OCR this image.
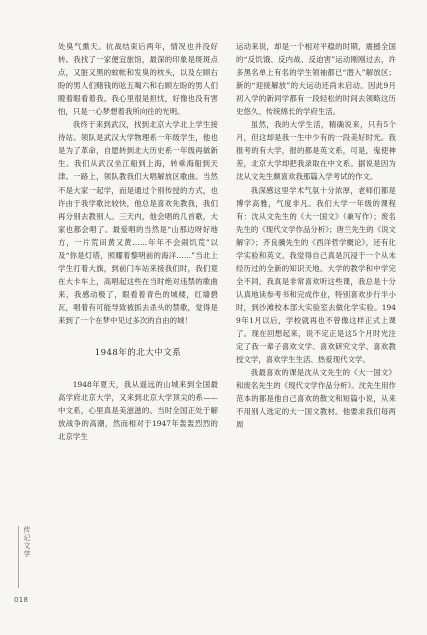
处臭气熏天。抗战结束后两年，情况也并没好转。我找了一家便宜旅馆，最深的印象是斑斑点点，又脏又黑的蚊帐和发臭的枕头，以及左顾右盼的男人们赌钱的吆五喝六和右顾左盼的男人们瞪着眼看着我。我心里很是担忧，好像也没有害怕，只是一心梦想着我所向往的光明。

我终于来到武汉，找到北京大学北上学生接待站。领队是武汉大学物理系一年级学生，他也是为了革命，自愿转到北大历史系一年级再做新生。我们从武汉坐江船到上海，转乘海船到天津。一路上，领队教我们大唱解放区歌曲。当然不是大家一起学，而是通过个别传授的方式，也许由于我学歌比较快，他总是喜欢先教我，我们再分别去教别人。三天内，他会唱的几首歌，大家也都会唱了。最爱唱的当然是“山那边呀好地方，一片荒田黄又黄……年年不会闹饥荒”以及“你是灯塔，照耀着黎明前的海洋……”当北上学生打着大旗，到前门车站来接我们时，我们竟在大卡车上，高唱起这些在当时绝对违禁的歌曲来，我感动极了，眼看着青色的城楼，红墙碧瓦，唱着有可能导致被抓去杀头的禁歌，觉得是来到了一个在梦中见过多次的自由的城！

1948年的北大中文系

1948年夏天，我从遥远的山城来到全国最高学府北京大学，又来到北京大学顶尖的系——中文系，心里真是美滋滋的。当时全国正处于解放战争的高潮，然而相对于1947年轰轰烈烈的北京学生

运动来说，却是一个相对平稳的时期，震撼全国的“反饥饿、反内战、反迫害”运动刚刚过去，许多黑名单上有名的学生领袖都已“潜入”解放区；新的“迎接解放”的大运动还尚未启动。因此9月初入学的新同学都有一段轻松的时间去领略这历史悠久、传统绵长的学府生活。

虽然，我的大学生活，精确说来，只有5个月，但这却是我一生中少有的一段美好时光。我报考的有大学，报的都是英文系，可是，鬼使神差，北京大学却把我录取在中文系。据说是因为沈从文先生颇喜欢我那篇入学考试的作文。

我深感这里学术气氛十分浓厚，老师们都是博学高雅，气度非凡。我们大学一年级的课程有：沈从文先生的《大一国文》（兼写作）；废名先生的《现代文学作品分析》；唐兰先生的《说文解字》；齐良骥先生的《西洋哲学概论》，还有化学实验和英文。我觉得自己真是沉浸于一个从未经历过的全新的知识天地。大学的教学和中学完全不同，我真是非常喜欢听这些课，我总是十分认真地读参考书和完成作业，特别喜欢步行半小时，到沙滩校本部大实验室去做化学实验。1949年1月以后，学校就再也不曾像这样正式上课了。现在回想起来，说不定正是这5个月时光注定了我一辈子喜欢文学、喜欢研究文学、喜欢教授文学，喜欢学生生活、热爱现代文学。

我最喜欢的课是沈从文先生的《大一国文》和废名先生的《现代文学作品分析》。沈先生用作范本的都是他自己喜欢的散文和短篇小说，从来不用别人选定的大一国文教材。他要求我们每两周

传记文学
018
